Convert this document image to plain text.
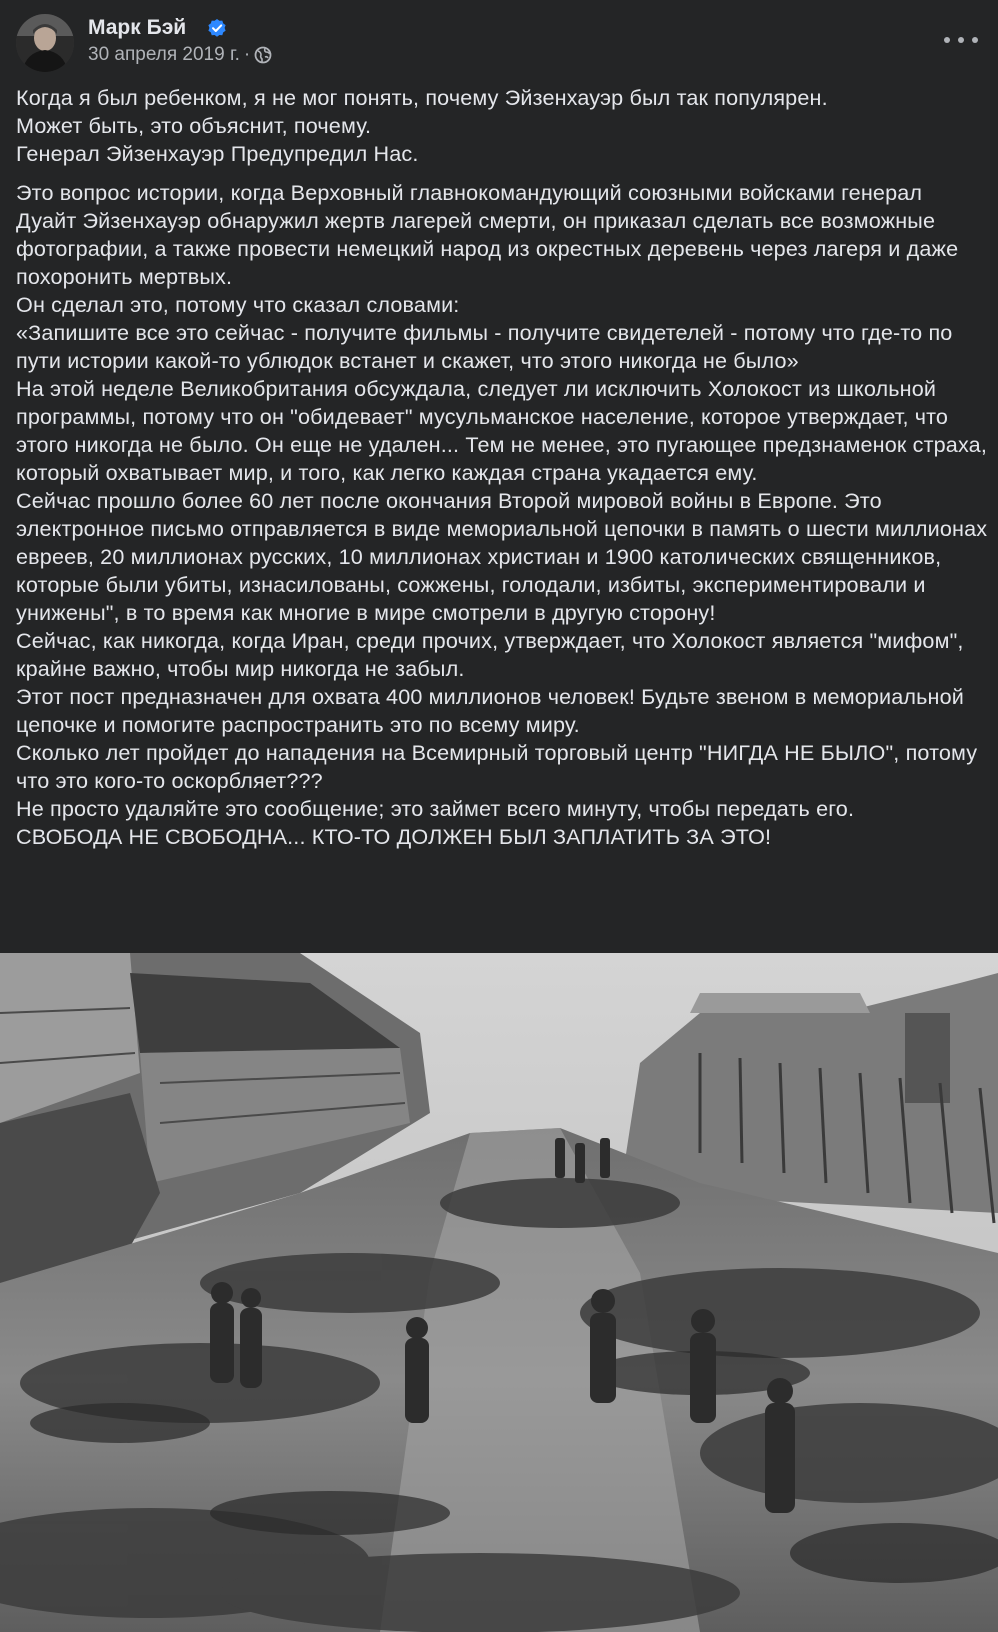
Марк Бэй
30 апреля 2019 г. ·

Когда я был ребенком, я не мог понять, почему Эйзенхауэр был так популярен.
Может быть, это объяснит, почему.
Генерал Эйзенхауэр Предупредил Нас.

Это вопрос истории, когда Верховный главнокомандующий союзными войсками генерал Дуайт Эйзенхауэр обнаружил жертв лагерей смерти, он приказал сделать все возможные фотографии, а также провести немецкий народ из окрестных деревень через лагеря и даже похоронить мертвых.
Он сделал это, потому что сказал словами:
«Запишите все это сейчас - получите фильмы - получите свидетелей - потому что где-то по пути истории какой-то ублюдок встанет и скажет, что этого никогда не было»
На этой неделе Великобритания обсуждала, следует ли исключить Холокост из школьной программы, потому что он "обидевает" мусульманское население, которое утверждает, что этого никогда не было. Он еще не удален... Тем не менее, это пугающее предзнаменок страха, который охватывает мир, и того, как легко каждая страна укадается ему.
Сейчас прошло более 60 лет после окончания Второй мировой войны в Европе. Это электронное письмо отправляется в виде мемориальной цепочки в память о шести миллионах евреев, 20 миллионах русских, 10 миллионах христиан и 1900 католических священников, которые были убиты, изнасилованы, сожжены, голодали, избиты, экспериментировали и унижены", в то время как многие в мире смотрели в другую сторону!
Сейчас, как никогда, когда Иран, среди прочих, утверждает, что Холокост является "мифом", крайне важно, чтобы мир никогда не забыл.
Этот пост предназначен для охвата 400 миллионов человек! Будьте звеном в мемориальной цепочке и помогите распространить это по всему миру.
Сколько лет пройдет до нападения на Всемирный торговый центр "НИГДА НЕ БЫЛО", потому что это кого-то оскорбляет???
Не просто удаляйте это сообщение; это займет всего минуту, чтобы передать его.
СВОБОДА НЕ СВОБОДНА... КТО-ТО ДОЛЖЕН БЫЛ ЗАПЛАТИТЬ ЗА ЭТО!
